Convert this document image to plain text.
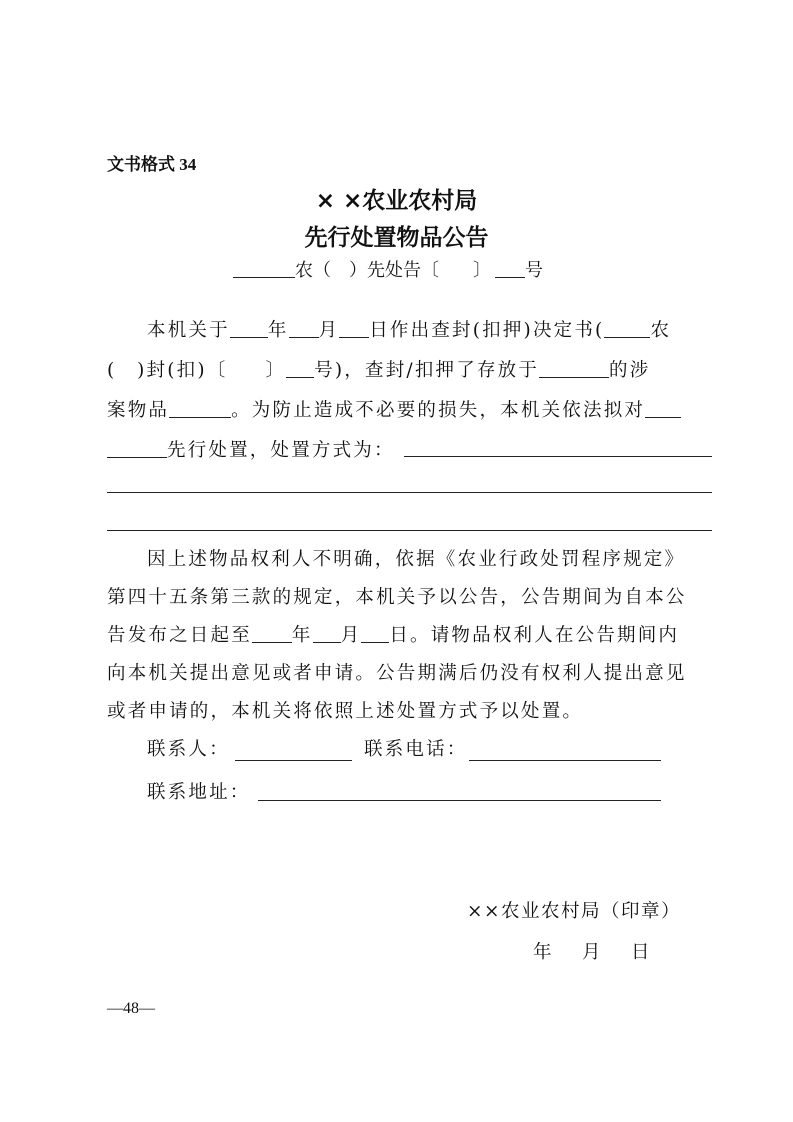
文书格式 34
× ×农业农村局
先行处置物品公告
农（　）先处告〔 〕 号
本机关于 年 月 日作出查封(扣押)决定书( 农
(　)封(扣)〔 〕 号)，查封/扣押了存放于	的涉
案物品	。为防止造成不必要的损失，本机关依法拟对
先行处置，处置方式为：
因上述物品权利人不明确，依据《农业行政处罚程序规定》
第四十五条第三款的规定，本机关予以公告，公告期间为自本公
告发布之日起至 年 月 日。请物品权利人在公告期间内
向本机关提出意见或者申请。公告期满后仍没有权利人提出意见
或者申请的，本机关将依照上述处置方式予以处置。
联系人：	联系电话：
联系地址：
××农业农村局（印章）
年　月　日
—48—
